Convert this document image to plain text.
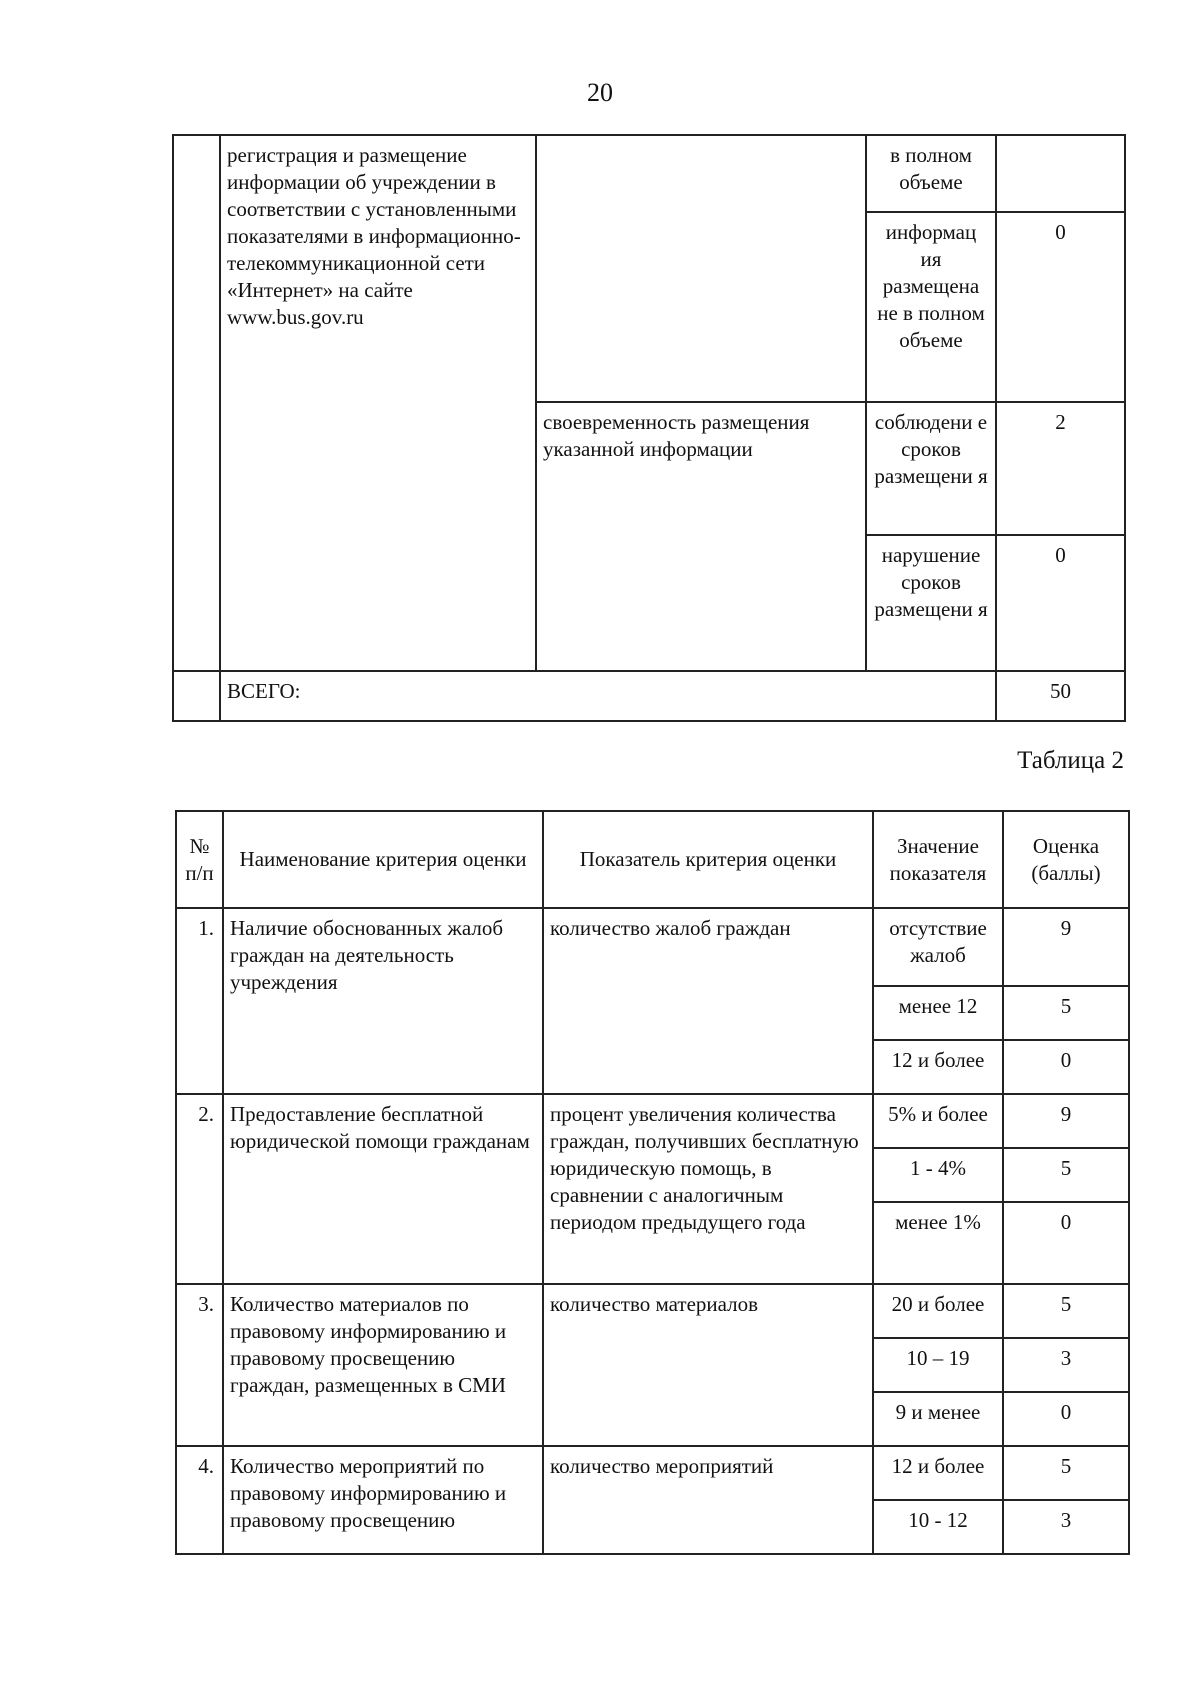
20
	регистрация и размещение информации об учреждении в соответствии с установленными показателями в информационно-телекоммуникационной сети «Интернет» на сайте www.bus.gov.ru		в полном объеме	
			информац ия размещена не в полном объеме	0
		своевременность размещения указанной информации	соблюдени е сроков размещени я	2
			нарушение сроков размещени я	0
	ВСЕГО:			50
Таблица 2
№ п/п	Наименование критерия оценки	Показатель критерия оценки	Значение показателя	Оценка (баллы)
1.	Наличие обоснованных жалоб граждан на деятельность учреждения	количество жалоб граждан	отсутствие жалоб	9
			менее 12	5
			12 и более	0
2.	Предоставление бесплатной юридической помощи гражданам	процент увеличения количества граждан, получивших бесплатную юридическую помощь, в сравнении с аналогичным периодом предыдущего года	5% и более	9
			1 - 4%	5
			менее 1%	0
3.	Количество материалов по правовому информированию и правовому просвещению граждан, размещенных в СМИ	количество материалов	20 и более	5
			10 – 19	3
			9 и менее	0
4.	Количество мероприятий по правовому информированию и правовому просвещению	количество мероприятий	12 и более	5
			10 - 12	3
